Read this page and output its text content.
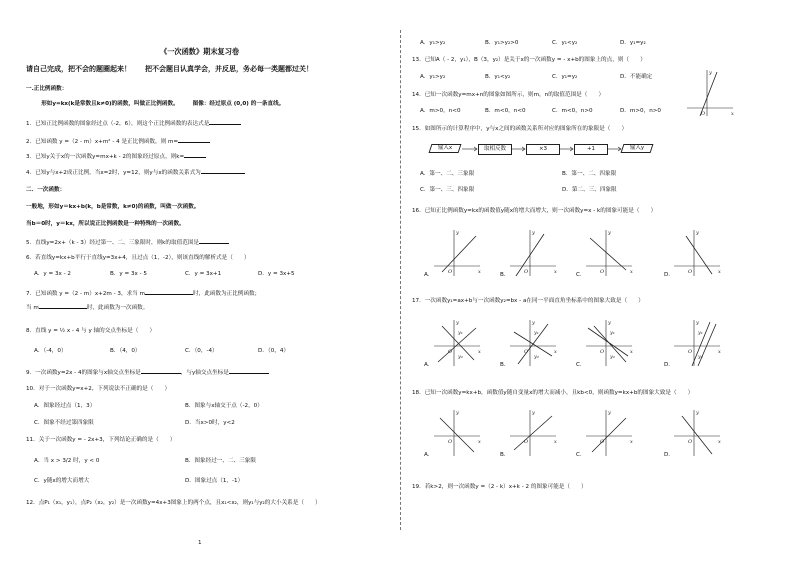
《一次函数》期末复习卷
请自己完成，把不会的题圈起来！　　把不会题目认真学会，并反思，务必每一类题都过关！
一.正比例函数：
　　形如y=kx(k是常数且k≠0)的函数，叫做正比例函数。　　　图像：经过原点 (0,0) 的一条直线。
1．已知正比例函数的图象经过点（-2，6），则这个正比例函数的表达式是
2．已知函数 y =（2 - m）x+m² - 4 是正比例函数，则 m=
3．已知y关于x的一次函数y=mx+k - 2的图象经过原点，则k=
4．已知y与x+2成正比例，当x=2时，y=12，则y与x的函数关系式为
二．一次函数：
一般地，形如y＝kx+b(k，b是常数，k≠0)的函数，叫做一次函数。
当b＝0时，y＝kx，所以说正比例函数是一种特殊的一次函数。
5．直线y=2x+（k - 3）经过第一、二、三象限时，则k的取值范围是
6．若直线y=kx+b平行于直线y=3x+4，且过点（1，-2），则该直线的解析式是（　　）
A．y = 3x - 2	B．y = 3x - 5	C．y = 3x+1	D．y = 3x+5
7．已知函数 y =（2 - m）x+2m - 3，求当 m	时，此函数为正比例函数；
当 m	时，此函数为一次函数。
8．直线 y = ½ x - 4 与 y 轴的交点坐标是（　　）
A．（-4，0）	B．（4，0）	C．（0，-4）	D．（0，4）
9．一次函数y=2x - 4的图象与x轴交点坐标是	，与y轴交点坐标是
10．对于一次函数y=x+2，下列说法不正确的是（　　）
A．图象经过点（1，3）	B．图象与x轴交于点（-2，0）
C．图象不经过第四象限	D．当x>0时，y<2
11．关于一次函数y = - 2x+3，下列结论正确的是（　　）
A．当 x > 3/2 时，y < 0	B．图象经过一、二、三象限
C．y随x的增大而增大	D．图象过点（1，-1）
12．点P₁（x₁，y₁），点P₂（x₂，y₂）是一次函数y=4x+3图象上的两个点，且x₁<x₂，则y₁与y₂的大小关系是（　　）
1
A．y₁>y₂	B．y₁>y₂>0	C．y₁<y₂	D．y₁=y₂
13．已知A（ - 2，y₁），B（3，y₂）是关于x的一次函数y = - x+b的图象上的点，则（　　）
A．y₁>y₂	B．y₁<y₂	C．y₁=y₂	D．不能确定
14．已知一次函数y=mx+n的图象如图所示，则m，n的取值范围是（　　）
A．m>0，n<0	B．m<0，n<0	C．m<0，n>0	D．m>0，n>0	x
y
O
15．如图所示的计算程序中，y与x之间的函数关系所对应的图象所在的象限是（　　）
输入x	取相反数	×3	+1	输入y
A．第一、二、三象限	B．第一、二、四象限
C．第一、三、四象限	D．第二、三、四象限
16．已知正比例函数y=kx的函数值y随x的增大而增大，则一次函数y=x - k的图象可能是（　　）
17．一次函数y₁=ax+b与一次函数y₂=bx - a在同一平面直角坐标系中的图象大致是（　　）
18．已知一次函数y=kx+b，函数值y随自变量x的增大而减小，且kb<0，则函数y=kx+b的图象大致是（　　）
19．若k>2，则一次函数y =（2 - k）x+k - 2 的图象可能是（　　）
x
y
O
A.	x
y
O
B.	x
y
O
C.	x
y
O
D.
x
y
O
y₁
y₂
A.
x
y
O
y₁
y₂
B.
x
y
O
y₁
y₂
C.
x
y
O
y₁
y₂
D.
x
y
O
A.
x
y
O
B.
x
y
O
C.
x
y
O
D.
